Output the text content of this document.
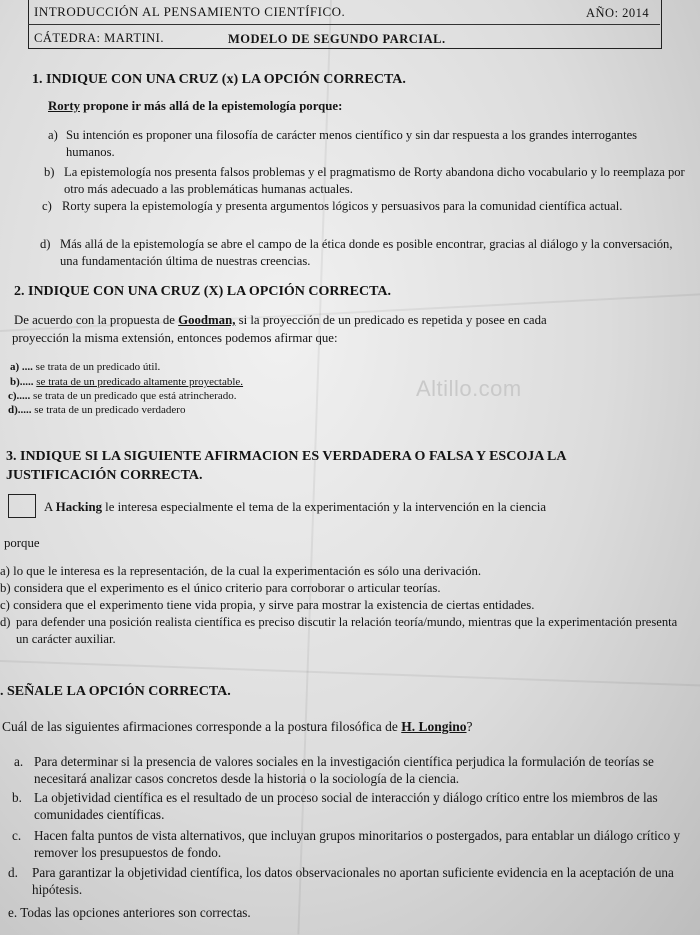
Altillo.com
INTRODUCCIÓN AL PENSAMIENTO CIENTÍFICO.	AÑO: 2014
CÁTEDRA: MARTINI.	MODELO DE SEGUNDO PARCIAL.
1. INDIQUE CON UNA CRUZ (x) LA OPCIÓN CORRECTA.
Rorty propone ir más allá de la epistemología porque:
a) Su intención es proponer una filosofía de carácter menos científico y sin dar respuesta a los grandes interrogantes humanos.
b) La epistemología nos presenta falsos problemas y el pragmatismo de Rorty abandona dicho vocabulario y lo reemplaza por otro más adecuado a las problemáticas humanas actuales.
c) Rorty supera la epistemología y presenta argumentos lógicos y persuasivos para la comunidad científica actual.
d) Más allá de la epistemología se abre el campo de la ética donde es posible encontrar, gracias al diálogo y la conversación, una fundamentación última de nuestras creencias.
2. INDIQUE CON UNA CRUZ (X) LA OPCIÓN CORRECTA.
De acuerdo con la propuesta de Goodman, si la proyección de un predicado es repetida y posee en cada
proyección la misma extensión, entonces podemos afirmar que:
a) .... se trata de un predicado útil.
b)..... se trata de un predicado altamente proyectable.
c)..... se trata de un predicado que está atrincherado.
d)..... se trata de un predicado verdadero
3. INDIQUE SI LA SIGUIENTE AFIRMACION ES VERDADERA O FALSA Y ESCOJA LA
JUSTIFICACIÓN CORRECTA.
A Hacking le interesa especialmente el tema de la experimentación y la intervención en la ciencia
porque
a) lo que le interesa es la representación, de la cual la experimentación es sólo una derivación.
b) considera que el experimento es el único criterio para corroborar o articular teorías.
c) considera que el experimento tiene vida propia, y sirve para mostrar la existencia de ciertas entidades.
d) para defender una posición realista científica es preciso discutir la relación teoría/mundo, mientras que la experimentación presenta un carácter auxiliar.
. SEÑALE LA OPCIÓN CORRECTA.
Cuál de las siguientes afirmaciones corresponde a la postura filosófica de H. Longino?
a. Para determinar si la presencia de valores sociales en la investigación científica perjudica la formulación de teorías se necesitará analizar casos concretos desde la historia o la sociología de la ciencia.
b. La objetividad científica es el resultado de un proceso social de interacción y diálogo crítico entre los miembros de las comunidades científicas.
c. Hacen falta puntos de vista alternativos, que incluyan grupos minoritarios o postergados, para entablar un diálogo crítico y remover los presupuestos de fondo.
d. Para garantizar la objetividad científica, los datos observacionales no aportan suficiente evidencia en la aceptación de una hipótesis.
e. Todas las opciones anteriores son correctas.
